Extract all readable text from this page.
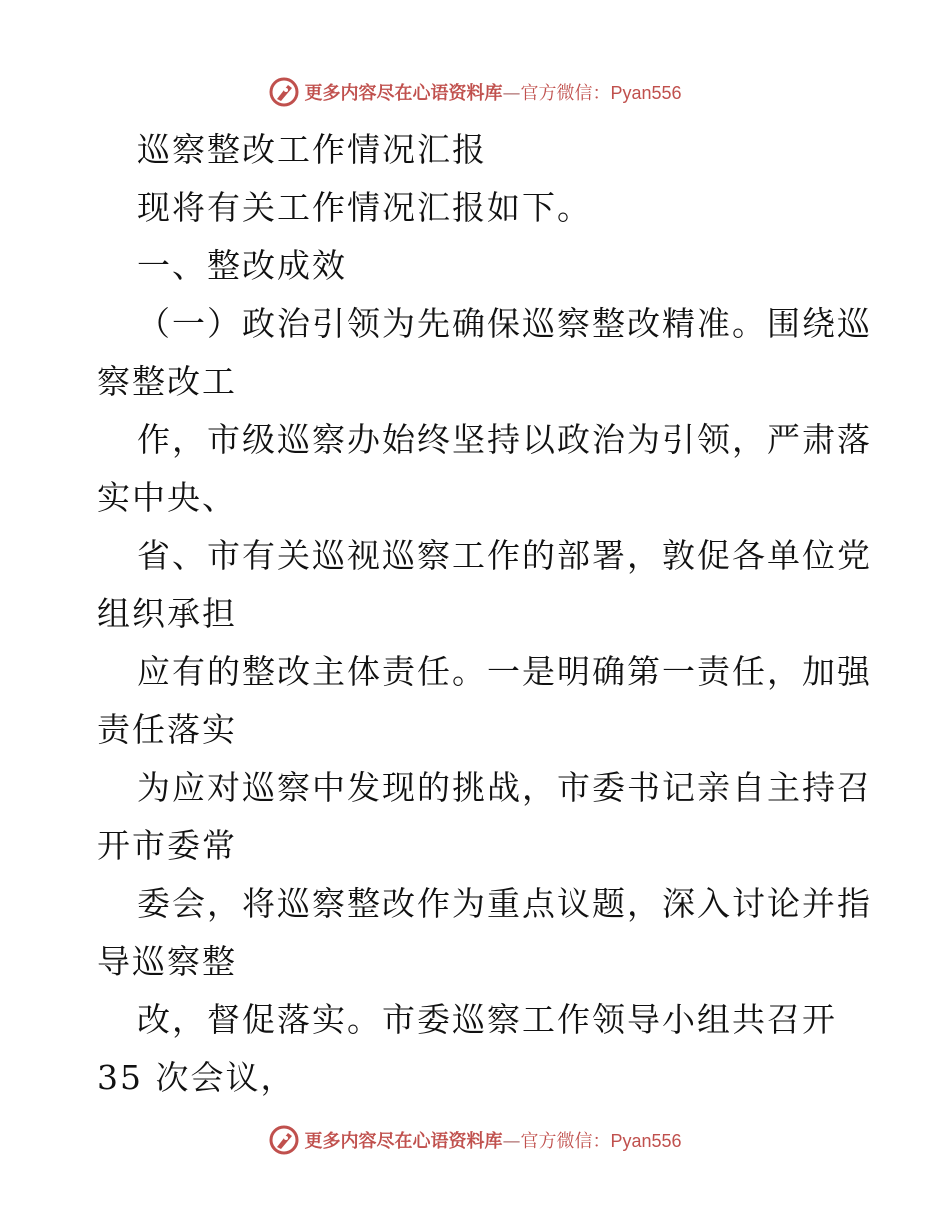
更多内容尽在心语资料库—官方微信：Pyan556
巡察整改工作情况汇报
现将有关工作情况汇报如下。
一、整改成效
（一）政治引领为先确保巡察整改精准。围绕巡
察整改工
作，市级巡察办始终坚持以政治为引领，严肃落
实中央、
省、市有关巡视巡察工作的部署，敦促各单位党
组织承担
应有的整改主体责任。一是明确第一责任，加强
责任落实
为应对巡察中发现的挑战，市委书记亲自主持召
开市委常
委会，将巡察整改作为重点议题，深入讨论并指
导巡察整
改，督促落实。市委巡察工作领导小组共召开
35 次会议，
更多内容尽在心语资料库—官方微信：Pyan556
